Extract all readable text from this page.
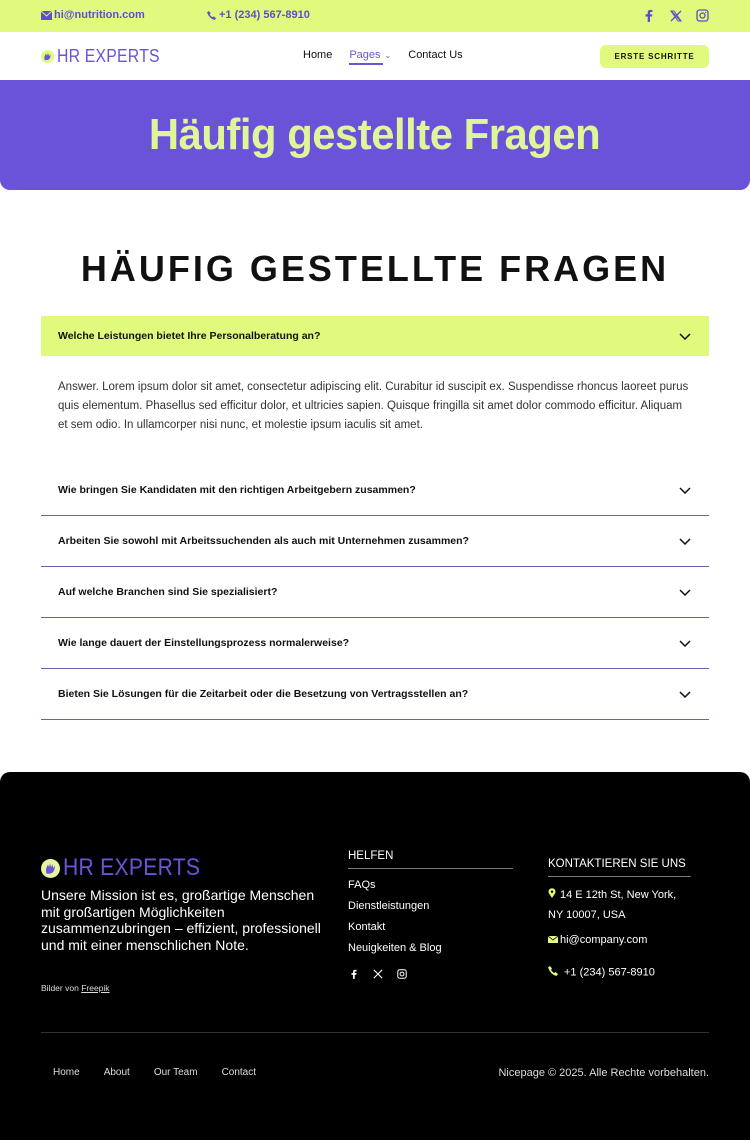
hi@nutrition.com	+1 (234) 567-8910
HR EXPERTS	Home Pages ⌄ Contact Us	ERSTE SCHRITTE
Häufig gestellte Fragen
HÄUFIG GESTELLTE FRAGEN
Welche Leistungen bietet Ihre Personalberatung an?
Answer. Lorem ipsum dolor sit amet, consectetur adipiscing elit. Curabitur id suscipit ex. Suspendisse rhoncus laoreet purus quis elementum. Phasellus sed efficitur dolor, et ultricies sapien. Quisque fringilla sit amet dolor commodo efficitur. Aliquam et sem odio. In ullamcorper nisi nunc, et molestie ipsum iaculis sit amet.
Wie bringen Sie Kandidaten mit den richtigen Arbeitgebern zusammen?
Arbeiten Sie sowohl mit Arbeitssuchenden als auch mit Unternehmen zusammen?
Auf welche Branchen sind Sie spezialisiert?
Wie lange dauert der Einstellungsprozess normalerweise?
Bieten Sie Lösungen für die Zeitarbeit oder die Besetzung von Vertragsstellen an?
HR EXPERTS

Unsere Mission ist es, großartige Menschen mit großartigen Möglichkeiten zusammenzubringen – effizient, professionell und mit einer menschlichen Note.

Bilder von Freepik
HELFEN
FAQs
Dienstleistungen
Kontakt
Neuigkeiten & Blog
KONTAKTIEREN SIE UNS
14 E 12th St, New York,
NY 10007, USA
hi@company.com
+1 (234) 567-8910
Home About Our Team Contact	Nicepage © 2025. Alle Rechte vorbehalten.
